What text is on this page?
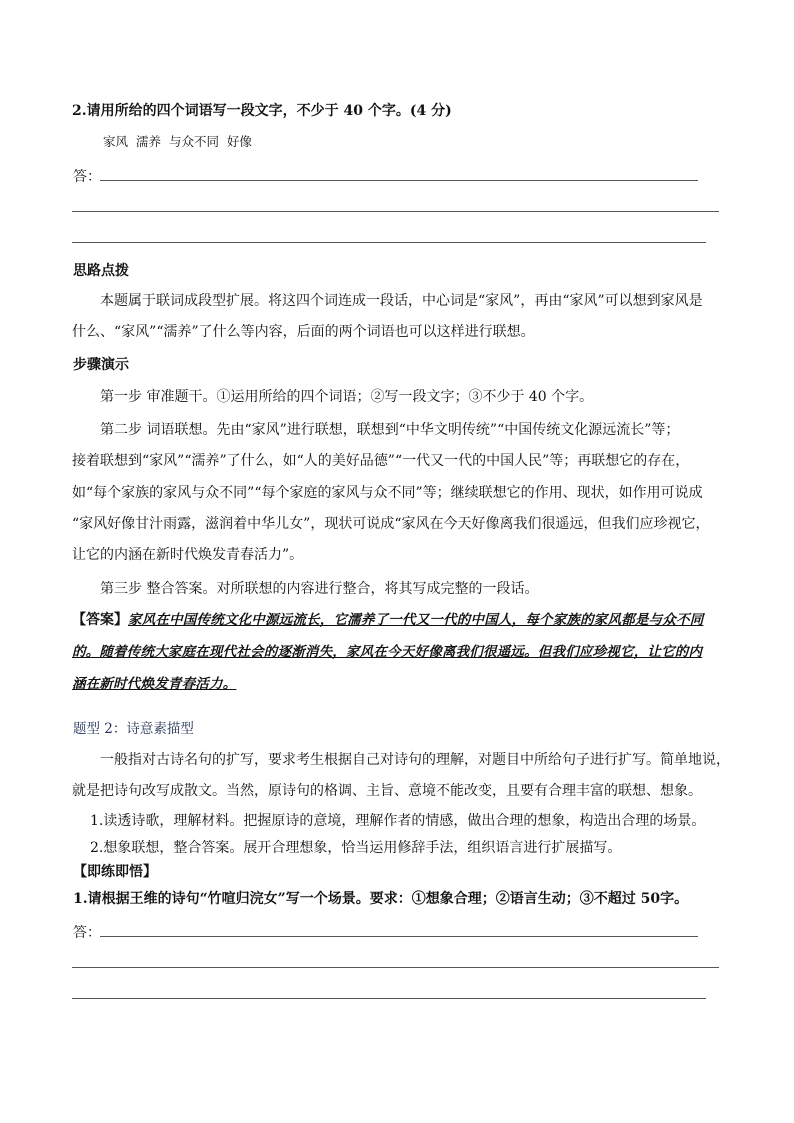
2.请用所给的四个词语写一段文字，不少于 40 个字。(4 分)
家风 濡养 与众不同 好像
答：
思路点拨
本题属于联词成段型扩展。将这四个词连成一段话，中心词是“家风”，再由“家风”可以想到家风是
什么、“家风”“濡养”了什么等内容，后面的两个词语也可以这样进行联想。
步骤演示
第一步 审准题干。①运用所给的四个词语；②写一段文字；③不少于 40 个字。
第二步 词语联想。先由“家风”进行联想，联想到“中华文明传统”“中国传统文化源远流长”等；
接着联想到“家风”“濡养”了什么，如“人的美好品德”“一代又一代的中国人民”等；再联想它的存在，
如“每个家族的家风与众不同”“每个家庭的家风与众不同”等；继续联想它的作用、现状，如作用可说成
“家风好像甘汁雨露，滋润着中华儿女”，现状可说成“家风在今天好像离我们很遥远，但我们应珍视它，
让它的内涵在新时代焕发青春活力”。
第三步 整合答案。对所联想的内容进行整合，将其写成完整的一段话。
【答案】家风在中国传统文化中源远流长，它濡养了一代又一代的中国人，每个家族的家风都是与众不同
的。随着传统大家庭在现代社会的逐渐消失，家风在今天好像离我们很遥远。但我们应珍视它，让它的内
涵在新时代焕发青春活力。
题型 2：诗意素描型
一般指对古诗名句的扩写，要求考生根据自己对诗句的理解，对题目中所给句子进行扩写。简单地说，
就是把诗句改写成散文。当然，原诗句的格调、主旨、意境不能改变，且要有合理丰富的联想、想象。
1.读透诗歌，理解材料。把握原诗的意境，理解作者的情感，做出合理的想象，构造出合理的场景。
2.想象联想，整合答案。展开合理想象，恰当运用修辞手法，组织语言进行扩展描写。
【即练即悟】
1.请根据王维的诗句“竹喧归浣女”写一个场景。要求：①想象合理；②语言生动；③不超过 50字。
答：
